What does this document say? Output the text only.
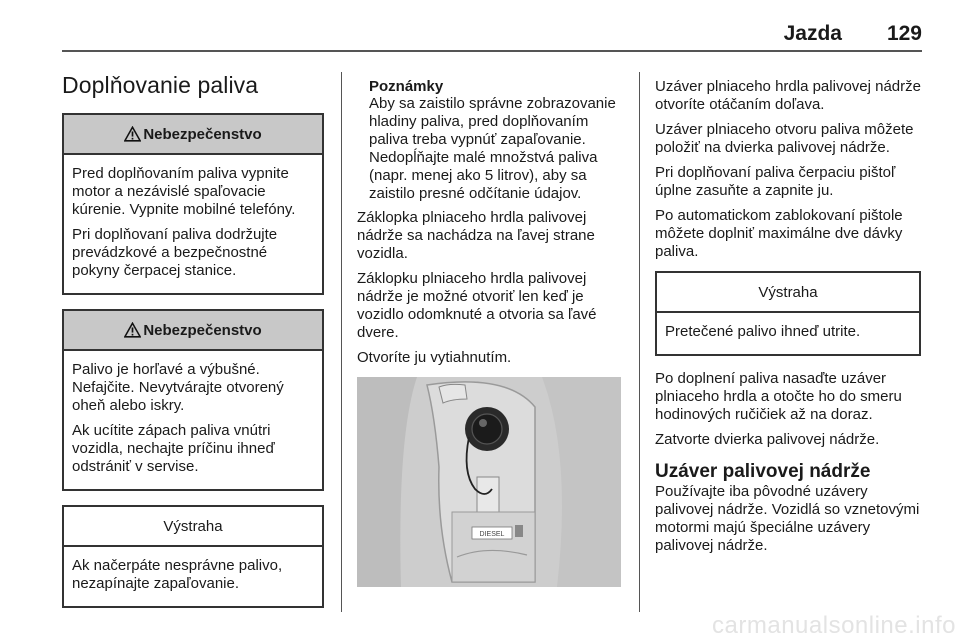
Jazda 129
Doplňovanie paliva
Nebezpečenstvo

Pred doplňovaním paliva vypnite motor a nezávislé spaľovacie kúrenie. Vypnite mobilné telefóny.

Pri doplňovaní paliva dodržujte prevádzkové a bezpečnostné pokyny čerpacej stanice.

Nebezpečenstvo

Palivo je horľavé a výbušné. Nefajčite. Nevytvárajte otvorený oheň alebo iskry.

Ak ucítite zápach paliva vnútri vozidla, nechajte príčinu ihneď odstrániť v servise.

Výstraha

Ak načerpáte nesprávne palivo, nezapínajte zapaľovanie.

Poznámky

Aby sa zaistilo správne zobrazovanie hladiny paliva, pred doplňovaním paliva treba vypnúť zapaľovanie. Nedopĺňajte malé množstvá paliva (napr. menej ako 5 litrov), aby sa zaistilo presné odčítanie údajov.

Záklopka plniaceho hrdla palivovej nádrže sa nachádza na ľavej strane vozidla.

Záklopku plniaceho hrdla palivovej nádrže je možné otvoriť len keď je vozidlo odomknuté a otvoria sa ľavé dvere.

Otvoríte ju vytiahnutím.

DIESEL

Uzáver plniaceho hrdla palivovej nádrže otvoríte otáčaním doľava.

Uzáver plniaceho otvoru paliva môžete položiť na dvierka palivovej nádrže.

Pri doplňovaní paliva čerpaciu pištoľ úplne zasuňte a zapnite ju.

Po automatickom zablokovaní pištole môžete doplniť maximálne dve dávky paliva.

Výstraha

Pretečené palivo ihneď utrite.

Po doplnení paliva nasaďte uzáver plniaceho hrdla a otočte ho do smeru hodinových ručičiek až na doraz.

Zatvorte dvierka palivovej nádrže.

Uzáver palivovej nádrže

Používajte iba pôvodné uzávery palivovej nádrže. Vozidlá so vznetovými motormi majú špeciálne uzávery palivovej nádrže.

carmanualsonline.info
